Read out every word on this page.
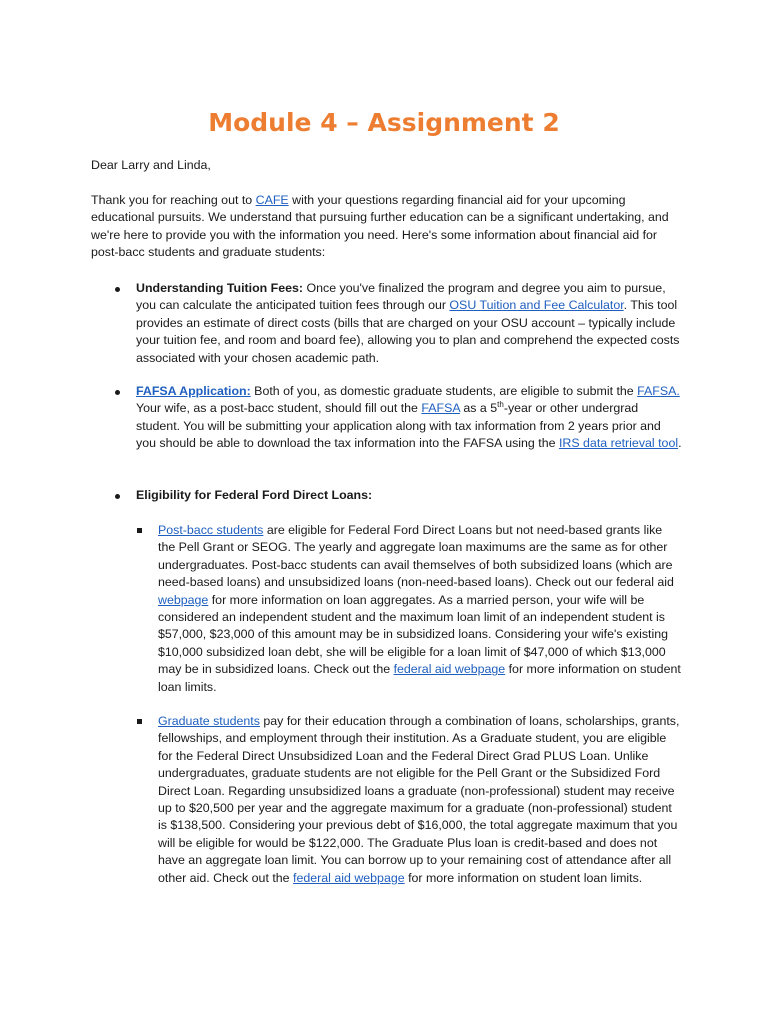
Module 4 – Assignment 2

Dear Larry and Linda,

Thank you for reaching out to CAFE with your questions regarding financial aid for your upcoming educational pursuits. We understand that pursuing further education can be a significant undertaking, and we're here to provide you with the information you need. Here's some information about financial aid for post-bacc students and graduate students:

Understanding Tuition Fees: Once you've finalized the program and degree you aim to pursue, you can calculate the anticipated tuition fees through our OSU Tuition and Fee Calculator. This tool provides an estimate of direct costs (bills that are charged on your OSU account – typically include your tuition fee, and room and board fee), allowing you to plan and comprehend the expected costs associated with your chosen academic path.

FAFSA Application: Both of you, as domestic graduate students, are eligible to submit the FAFSA. Your wife, as a post-bacc student, should fill out the FAFSA as a 5th-year or other undergrad student. You will be submitting your application along with tax information from 2 years prior and you should be able to download the tax information into the FAFSA using the IRS data retrieval tool.

Eligibility for Federal Ford Direct Loans:

Post-bacc students are eligible for Federal Ford Direct Loans but not need-based grants like the Pell Grant or SEOG. The yearly and aggregate loan maximums are the same as for other undergraduates. Post-bacc students can avail themselves of both subsidized loans (which are need-based loans) and unsubsidized loans (non-need-based loans). Check out our federal aid webpage for more information on loan aggregates. As a married person, your wife will be considered an independent student and the maximum loan limit of an independent student is $57,000, $23,000 of this amount may be in subsidized loans. Considering your wife's existing $10,000 subsidized loan debt, she will be eligible for a loan limit of $47,000 of which $13,000 may be in subsidized loans. Check out the federal aid webpage for more information on student loan limits.

Graduate students pay for their education through a combination of loans, scholarships, grants, fellowships, and employment through their institution. As a Graduate student, you are eligible for the Federal Direct Unsubsidized Loan and the Federal Direct Grad PLUS Loan. Unlike undergraduates, graduate students are not eligible for the Pell Grant or the Subsidized Ford Direct Loan. Regarding unsubsidized loans a graduate (non-professional) student may receive up to $20,500 per year and the aggregate maximum for a graduate (non-professional) student is $138,500. Considering your previous debt of $16,000, the total aggregate maximum that you will be eligible for would be $122,000. The Graduate Plus loan is credit-based and does not have an aggregate loan limit. You can borrow up to your remaining cost of attendance after all other aid. Check out the federal aid webpage for more information on student loan limits.
